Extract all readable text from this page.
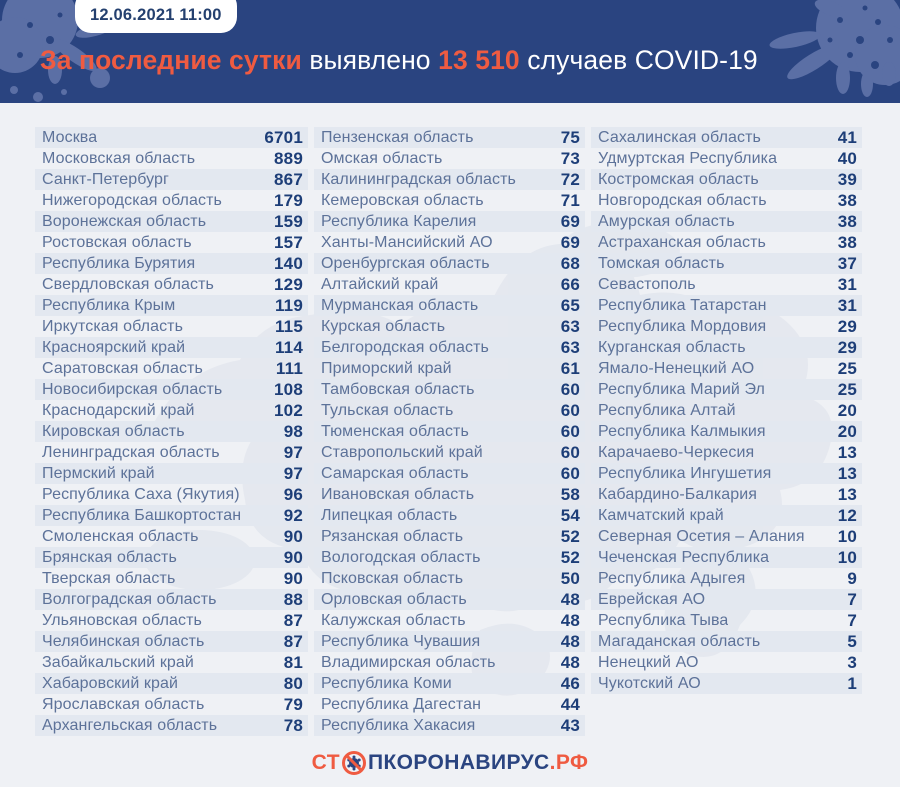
12.06.2021 11:00
За последние сутки выявлено 13 510 случаев COVID-19
Москва	6701
Московская область	889
Санкт-Петербург	867
Нижегородская область	179
Воронежская область	159
Ростовская область	157
Республика Бурятия	140
Свердловская область	129
Республика Крым	119
Иркутская область	115
Красноярский край	114
Саратовская область	111
Новосибирская область	108
Краснодарский край	102
Кировская область	98
Ленинградская область	97
Пермский край	97
Республика Саха (Якутия)	96
Республика Башкортостан 92
Смоленская область	90
Брянская область	90
Тверская область	90
Волгоградская область	88
Ульяновская область	87
Челябинская область	87
Забайкальский край	81
Хабаровский край	80
Ярославская область	79
Архангельская область	78
Пензенская область	75
Омская область	73
Калининградская область	72
Кемеровская область	71
Республика Карелия	69
Ханты-Мансийский АО	69
Оренбургская область	68
Алтайский край	66
Мурманская область	65
Курская область	63
Белгородская область	63
Приморский край	61
Тамбовская область	60
Тульская область	60
Тюменская область	60
Ставропольский край	60
Самарская область	60
Ивановская область	58
Липецкая область	54
Рязанская область	52
Вологодская область	52
Псковская область	50
Орловская область	48
Калужская область	48
Республика Чувашия	48
Владимирская область	48
Республика Коми	46
Республика Дагестан	44
Республика Хакасия	43
Сахалинская область	41
Удмуртская Республика	40
Костромская область	39
Новгородская область	38
Амурская область	38
Астраханская область	38
Томская область	37
Севастополь	31
Республика Татарстан	31
Республика Мордовия	29
Курганская область	29
Ямало-Ненецкий АО	25
Республика Марий Эл	25
Республика Алтай	20
Республика Калмыкия	20
Карачаево-Черкесия	13
Республика Ингушетия	13
Кабардино-Балкария	13
Камчатский край	12
Северная Осетия – Алания 10
Чеченская Республика	10
Республика Адыгея	9
Еврейская АО	7
Республика Тыва	7
Магаданская область	5
Ненецкий АО	3
Чукотский АО	1
СТ ПКОРОНАВИРУС .РФ
